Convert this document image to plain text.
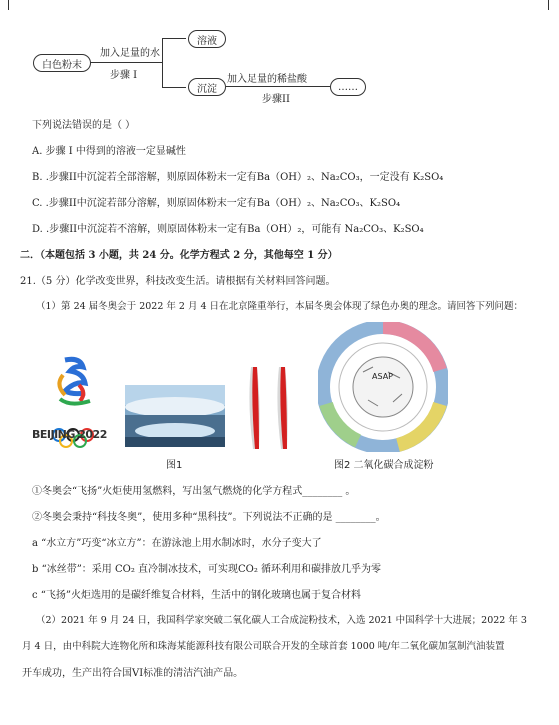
白色粉末
加入足量的水
步骤 I
溶液
沉淀
加入足量的稀盐酸
步骤II
……
下列说法错误的是（ ）
A. 步骤 I 中得到的溶液一定显碱性
B. .步骤II中沉淀若全部溶解，则原固体粉末一定有Ba（OH）₂、Na₂CO₃，一定没有 K₂SO₄
C. .步骤II中沉淀若部分溶解，则原固体粉末一定有Ba（OH）₂、Na₂CO₃、K₂SO₄
D. .步骤II中沉淀若不溶解，则原固体粉末一定有Ba（OH）₂，可能有 Na₂CO₃、K₂SO₄
二．（本题包括 3 小题，共 24 分。化学方程式 2 分，其他每空 1 分）
21.（5 分）化学改变世界，科技改变生活。请根据有关材料回答问题。
（1）第 24 届冬奥会于 2022 年 2 月 4 日在北京隆重举行，本届冬奥会体现了绿色办奥的理念。请回答下列问题：
BEIJING 2022
图1
ASAP
图2 二氧化碳合成淀粉
①冬奥会“飞扬”火炬使用氢燃料，写出氢气燃烧的化学方程式________ 。
②冬奥会秉持“科技冬奥”，使用多种“黑科技”。下列说法不正确的是 ________。
a “水立方”巧变“冰立方”：在游泳池上用水制冰时，水分子变大了
b “冰丝带”：采用 CO₂ 直冷制冰技术，可实现CO₂ 循环利用和碳排放几乎为零
c “飞扬”火炬选用的是碳纤维复合材料，生活中的钢化玻璃也属于复合材料
（2）2021 年 9 月 24 日，我国科学家突破二氧化碳人工合成淀粉技术，入选 2021 中国科学十大进展；2022 年 3
月 4 日，由中科院大连物化所和珠海某能源科技有限公司联合开发的全球首套 1000 吨/年二氧化碳加氢制汽油装置
开车成功，生产出符合国VI标准的清洁汽油产品。
